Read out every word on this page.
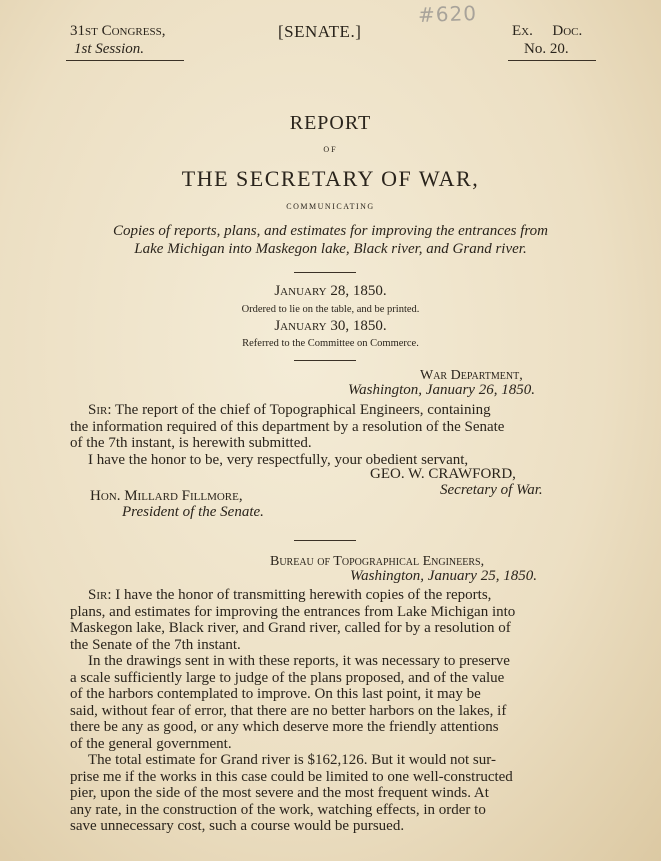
31st Congress,
1st Session.
[SENATE.]	Ex. Doc.
No. 20.
#620
REPORT
OF
THE SECRETARY OF WAR,
COMMUNICATING
Copies of reports, plans, and estimates for improving the entrances from
Lake Michigan into Maskegon lake, Black river, and Grand river.
January 28, 1850.
Ordered to lie on the table, and be printed.
January 30, 1850.
Referred to the Committee on Commerce.
War Department,
Washington, January 26, 1850.
Sir: The report of the chief of Topographical Engineers, containing
the information required of this department by a resolution of the Senate
of the 7th instant, is herewith submitted.
I have the honor to be, very respectfully, your obedient servant,
GEO. W. CRAWFORD,
Secretary of War.
Hon. Millard Fillmore,
President of the Senate.
Bureau of Topographical Engineers,
Washington, January 25, 1850.

Sir: I have the honor of transmitting herewith copies of the reports,
plans, and estimates for improving the entrances from Lake Michigan into
Maskegon lake, Black river, and Grand river, called for by a resolution of
the Senate of the 7th instant.

In the drawings sent in with these reports, it was necessary to preserve
a scale sufficiently large to judge of the plans proposed, and of the value
of the harbors contemplated to improve. On this last point, it may be
said, without fear of error, that there are no better harbors on the lakes, if
there be any as good, or any which deserve more the friendly attentions
of the general government.

The total estimate for Grand river is $162,126. But it would not sur-
prise me if the works in this case could be limited to one well-constructed
pier, upon the side of the most severe and the most frequent winds. At
any rate, in the construction of the work, watching effects, in order to
save unnecessary cost, such a course would be pursued.
